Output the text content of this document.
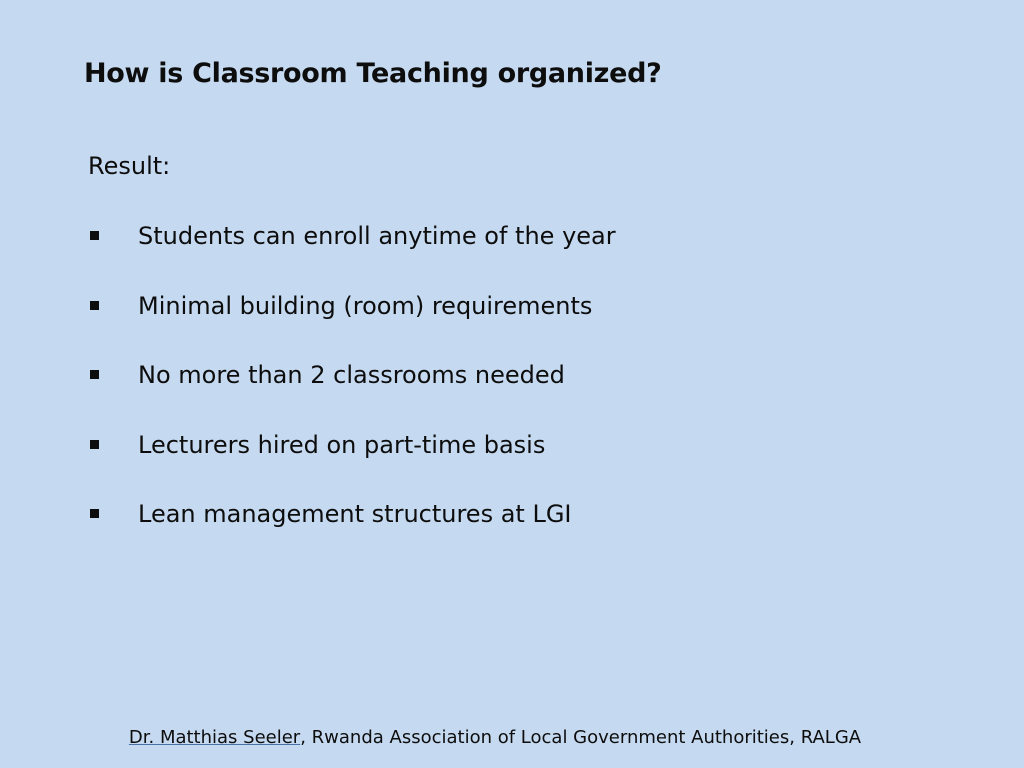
How is Classroom Teaching organized?
Result:
Students can enroll anytime of the year
Minimal building (room) requirements
No more than 2 classrooms needed
Lecturers hired on part-time basis
Lean management structures at LGI
Dr. Matthias Seeler, Rwanda Association of Local Government Authorities, RALGA
